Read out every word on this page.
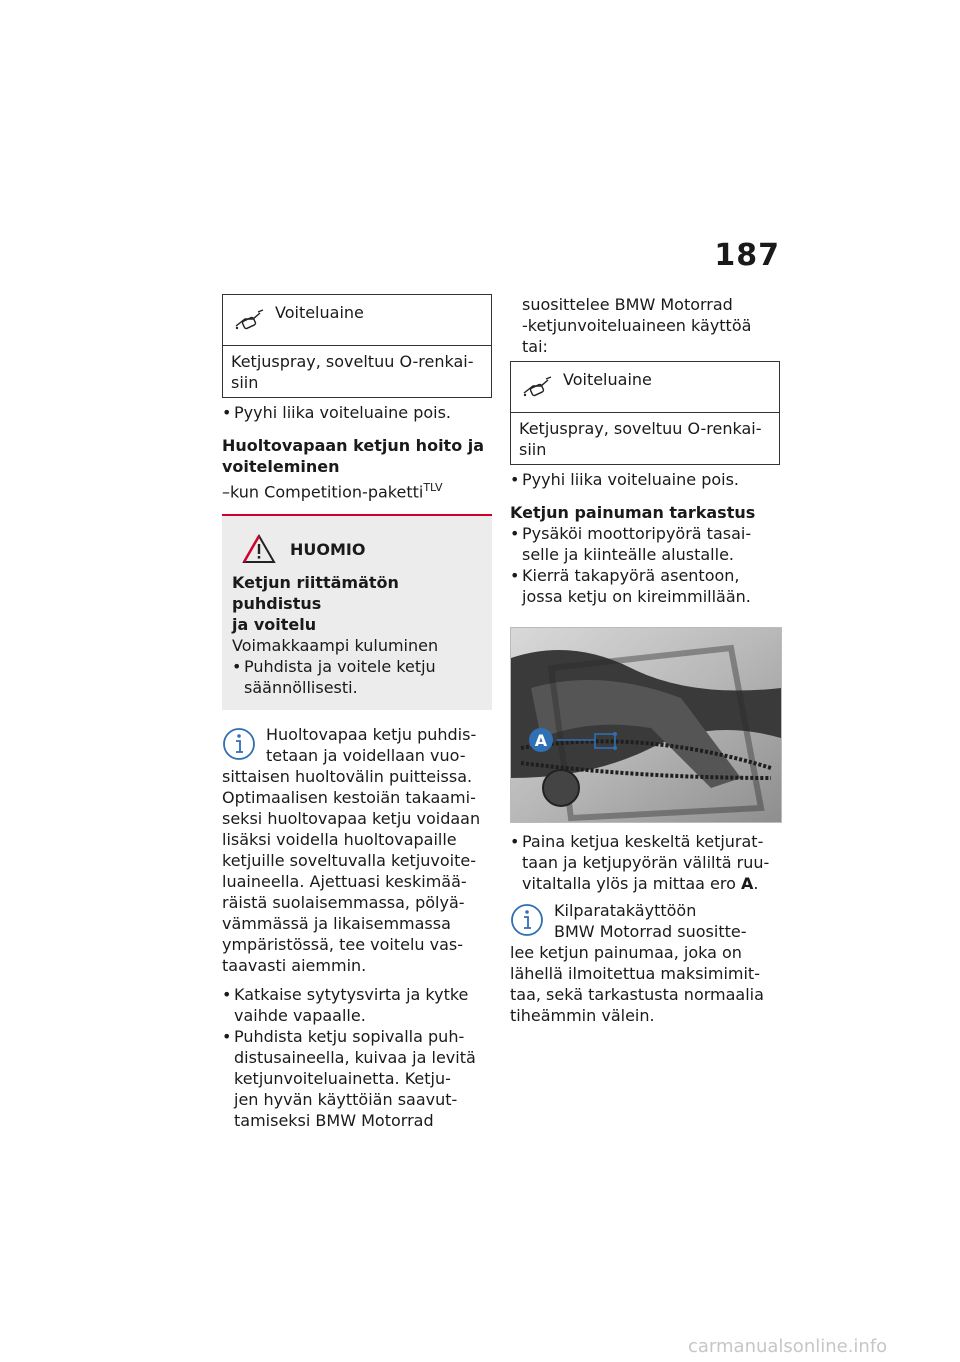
187
Voiteluaine
Ketjuspray, soveltuu O-renkai-siin

• Pyyhi liika voiteluaine pois.

Huoltovapaan ketjun hoito ja
voiteleminen

–kun Competition-paketti$^{TLV}$

HUOMIO

Ketjun riittämätön puhdistus
ja voitelu

Voimakkaampi kuluminen

• Puhdista ja voitele ketju
säännöllisesti.

Huoltovapaa ketju puhdis-

tetaan ja voidellaan vuo-

sittaisen huoltovälin puitteissa.

Optimaalisen kestoiän takaami-

seksi huoltovapaa ketju voidaan

lisäksi voidella huoltovapaille

ketjuille soveltuvalla ketjuvoite-

luaineella. Ajettuasi keskimää-

räistä suolaisemmassa, pölyä-

vämmässä ja likaisemmassa

ympäristössä, tee voitelu vas-

taavasti aiemmin.

• Katkaise sytytysvirta ja kytke
vaihde vapaalle.

• Puhdista ketju sopivalla puh-
distusaineella, kuivaa ja levitä
ketjunvoiteluainetta. Ketju-
jen hyvän käyttöiän saavut-
tamiseksi BMW Motorrad

suosittelee BMW Motorrad
-ketjunvoiteluaineen käyttöä
tai:

Voiteluaine
Ketjuspray, soveltuu O-renkai-siin

• Pyyhi liika voiteluaine pois.

Ketjun painuman tarkastus

• Pysäköi moottoripyörä tasai-
selle ja kiinteälle alustalle.

• Kierrä takapyörä asentoon,
jossa ketju on kireimmillään.

A

• Paina ketjua keskeltä ketjurat-
taan ja ketjupyörän väliltä ruu-
vitaltalla ylös ja mittaa ero A.

Kilparatakäyttöön

BMW Motorrad suositte-

lee ketjun painumaa, joka on

lähellä ilmoitettua maksimimit-

taa, sekä tarkastusta normaalia

tiheämmin välein.

carmanualsonline.info
